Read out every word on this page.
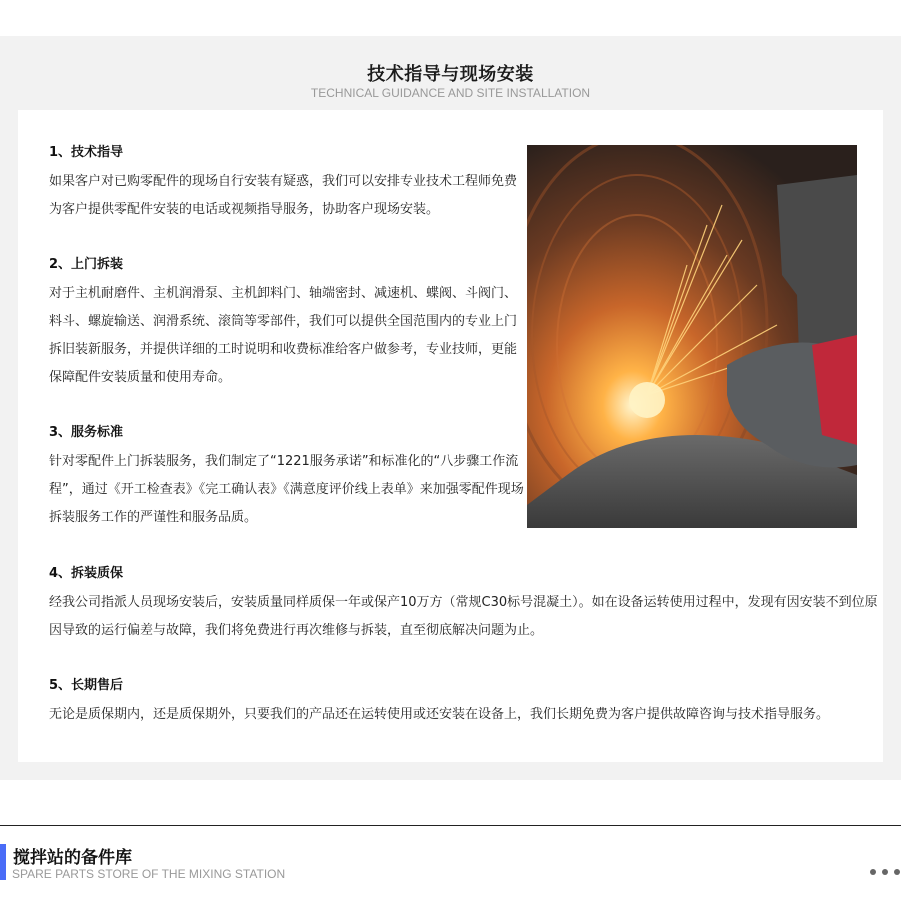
技术指导与现场安装
TECHNICAL GUIDANCE AND SITE INSTALLATION
1、技术指导

如果客户对已购零配件的现场自行安装有疑惑，我们可以安排专业技术工程师免费为客户提供零配件安装的电话或视频指导服务，协助客户现场安装。

2、上门拆装

对于主机耐磨件、主机润滑泵、主机卸料门、轴端密封、减速机、蝶阀、斗阀门、料斗、螺旋输送、润滑系统、滚筒等零部件，我们可以提供全国范围内的专业上门拆旧装新服务，并提供详细的工时说明和收费标准给客户做参考，专业技师，更能保障配件安装质量和使用寿命。

3、服务标准

针对零配件上门拆装服务，我们制定了“1221服务承诺”和标准化的“八步骤工作流程”，通过《开工检查表》《完工确认表》《满意度评价线上表单》来加强零配件现场拆装服务工作的严谨性和服务品质。

4、拆装质保

经我公司指派人员现场安装后，安装质量同样质保一年或保产10万方（常规C30标号混凝土）。如在设备运转使用过程中，发现有因安装不到位原因导致的运行偏差与故障，我们将免费进行再次维修与拆装，直至彻底解决问题为止。

5、长期售后

无论是质保期内，还是质保期外，只要我们的产品还在运转使用或还安装在设备上，我们长期免费为客户提供故障咨询与技术指导服务。

搅拌站的备件库
SPARE PARTS STORE OF THE MIXING STATION
